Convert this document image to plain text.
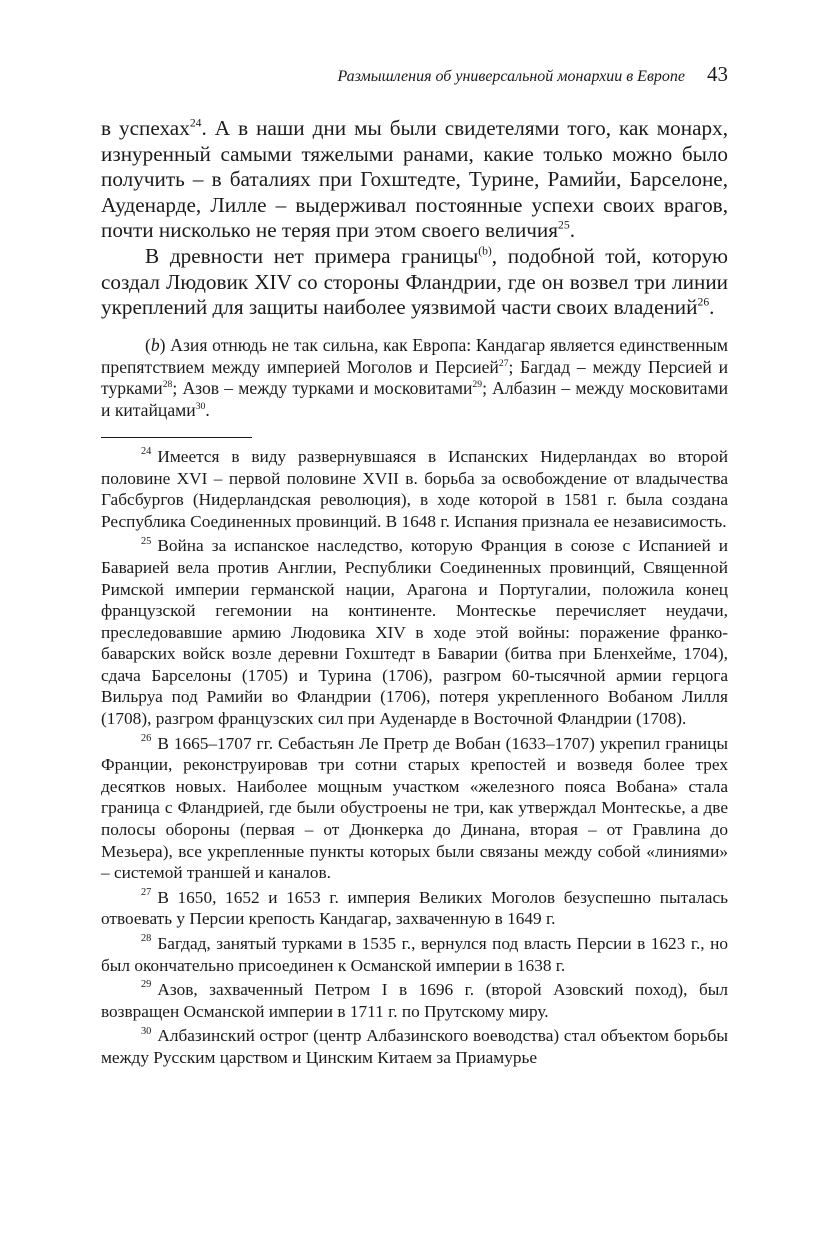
Размышления об универсальной монархии в Европе 43

в успехах$^{24}$. А в наши дни мы были свидетелями того, как монарх, изнуренный самыми тяжелыми ранами, какие только можно было получить – в баталиях при Гохштедте, Турине, Рамийи, Барселоне, Ауденарде, Лилле – выдерживал постоянные успехи своих врагов, почти нисколько не теряя при этом своего величия$^{25}$.

В древности нет примера границы$^{(b)}$, подобной той, которую создал Людовик XIV со стороны Фландрии, где он возвел три линии укреплений для защиты наиболее уязвимой части своих владений$^{26}$.

(b) Азия отнюдь не так сильна, как Европа: Кандагар является единственным препятствием между империей Моголов и Персией$^{27}$; Багдад – между Персией и турками$^{28}$; Азов – между турками и московитами$^{29}$; Албазин – между московитами и китайцами$^{30}$.

$^{24}$ Имеется в виду развернувшаяся в Испанских Нидерландах во второй половине XVI – первой половине XVII в. борьба за освобождение от владычества Габсбургов (Нидерландская революция), в ходе которой в 1581 г. была создана Республика Соединенных провинций. В 1648 г. Испания признала ее независимость.

$^{25}$ Война за испанское наследство, которую Франция в союзе с Испанией и Баварией вела против Англии, Республики Соединенных провинций, Священной Римской империи германской нации, Арагона и Португалии, положила конец французской гегемонии на континенте. Монтескье перечисляет неудачи, преследовавшие армию Людовика XIV в ходе этой войны: поражение франко-баварских войск возле деревни Гохштедт в Баварии (битва при Бленхейме, 1704), сдача Барселоны (1705) и Турина (1706), разгром 60-тысячной армии герцога Вильруа под Рамийи во Фландрии (1706), потеря укрепленного Вобаном Лилля (1708), разгром французских сил при Ауденарде в Восточной Фландрии (1708).

$^{26}$ В 1665–1707 гг. Себастьян Ле Претр де Вобан (1633–1707) укрепил границы Франции, реконструировав три сотни старых крепостей и возведя более трех десятков новых. Наиболее мощным участком «железного пояса Вобана» стала граница с Фландрией, где были обустроены не три, как утверждал Монтескье, а две полосы обороны (первая – от Дюнкерка до Динана, вторая – от Гравлина до Мезьера), все укрепленные пункты которых были связаны между собой «линиями» – системой траншей и каналов.

$^{27}$ В 1650, 1652 и 1653 г. империя Великих Моголов безуспешно пыталась отвоевать у Персии крепость Кандагар, захваченную в 1649 г.

$^{28}$ Багдад, занятый турками в 1535 г., вернулся под власть Персии в 1623 г., но был окончательно присоединен к Османской империи в 1638 г.

$^{29}$ Азов, захваченный Петром I в 1696 г. (второй Азовский поход), был возвращен Османской империи в 1711 г. по Прутскому миру.

$^{30}$ Албазинский острог (центр Албазинского воеводства) стал объектом борьбы между Русским царством и Цинским Китаем за Приамурье
